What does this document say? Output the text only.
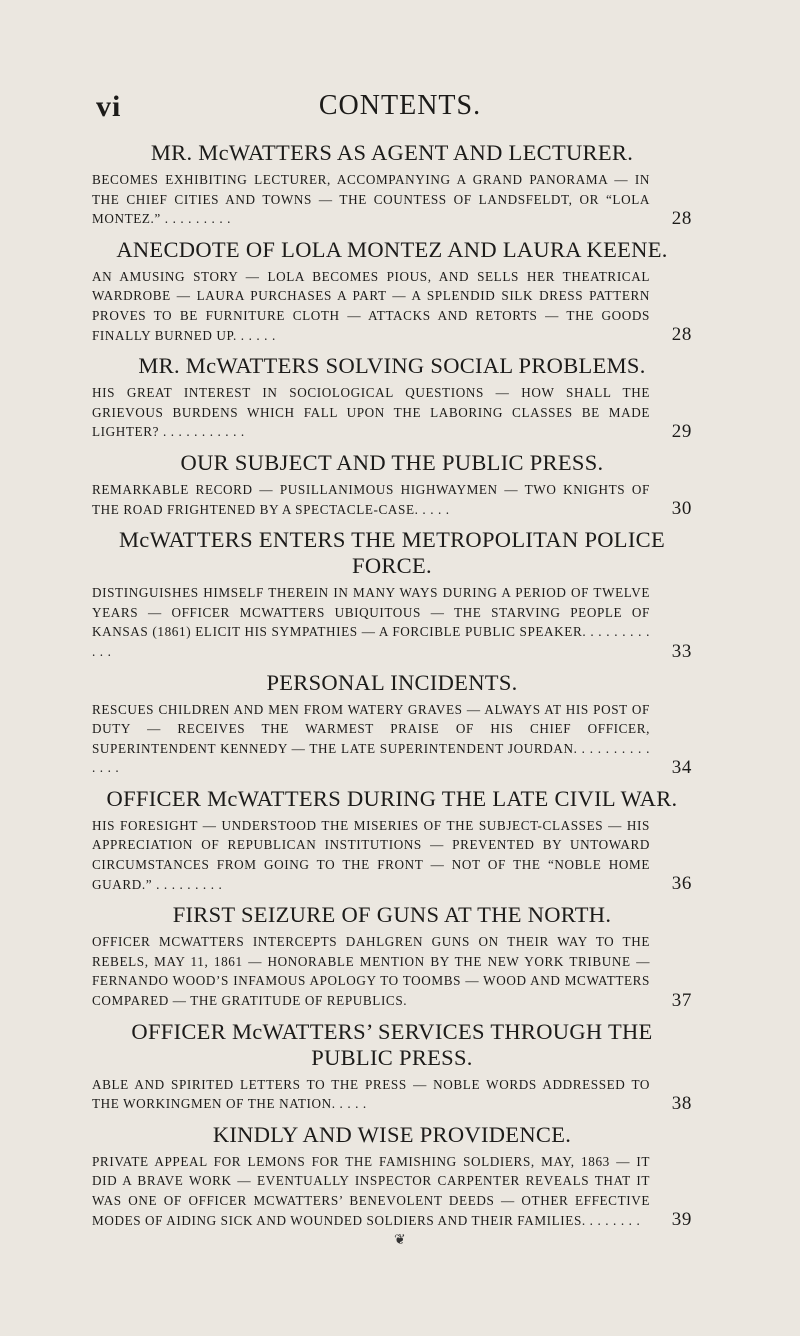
vi	CONTENTS.
MR. McWATTERS AS AGENT AND LECTURER.

BECOMES EXHIBITING LECTURER, ACCOMPANYING A GRAND PANORAMA — IN THE CHIEF CITIES AND TOWNS — THE COUNTESS OF LANDSFELDT, OR “LOLA MONTEZ.” . . . . . . . . .	28

ANECDOTE OF LOLA MONTEZ AND LAURA KEENE.

AN AMUSING STORY — LOLA BECOMES PIOUS, AND SELLS HER THEATRICAL WARDROBE — LAURA PURCHASES A PART — A SPLENDID SILK DRESS PATTERN PROVES TO BE FURNITURE CLOTH — ATTACKS AND RETORTS — THE GOODS FINALLY BURNED UP. . . . . .	28

MR. McWATTERS SOLVING SOCIAL PROBLEMS.

HIS GREAT INTEREST IN SOCIOLOGICAL QUESTIONS — HOW SHALL THE GRIEVOUS BURDENS WHICH FALL UPON THE LABORING CLASSES BE MADE LIGHTER? . . . . . . . . . . .	29

OUR SUBJECT AND THE PUBLIC PRESS.

REMARKABLE RECORD — PUSILLANIMOUS HIGHWAYMEN — TWO KNIGHTS OF THE ROAD FRIGHTENED BY A SPECTACLE-CASE. . . . .	30

McWATTERS ENTERS THE METROPOLITAN POLICE FORCE.

DISTINGUISHES HIMSELF THEREIN IN MANY WAYS DURING A PERIOD OF TWELVE YEARS — OFFICER MCWATTERS UBIQUITOUS — THE STARVING PEOPLE OF KANSAS (1861) ELICIT HIS SYMPATHIES — A FORCIBLE PUBLIC SPEAKER. . . . . . . . . . . .	33

PERSONAL INCIDENTS.

RESCUES CHILDREN AND MEN FROM WATERY GRAVES — ALWAYS AT HIS POST OF DUTY — RECEIVES THE WARMEST PRAISE OF HIS CHIEF OFFICER, SUPERINTENDENT KENNEDY — THE LATE SUPERINTENDENT JOURDAN. . . . . . . . . . . . . .	34

OFFICER McWATTERS DURING THE LATE CIVIL WAR.

HIS FORESIGHT — UNDERSTOOD THE MISERIES OF THE SUBJECT-CLASSES — HIS APPRECIATION OF REPUBLICAN INSTITUTIONS — PREVENTED BY UNTOWARD CIRCUMSTANCES FROM GOING TO THE FRONT — NOT OF THE “NOBLE HOME GUARD.” . . . . . . . . .	36

FIRST SEIZURE OF GUNS AT THE NORTH.

OFFICER MCWATTERS INTERCEPTS DAHLGREN GUNS ON THEIR WAY TO THE REBELS, MAY 11, 1861 — HONORABLE MENTION BY THE NEW YORK TRIBUNE — FERNANDO WOOD’S INFAMOUS APOLOGY TO TOOMBS — WOOD AND MCWATTERS COMPARED — THE GRATITUDE OF REPUBLICS.	37

OFFICER McWATTERS’ SERVICES THROUGH THE PUBLIC PRESS.

ABLE AND SPIRITED LETTERS TO THE PRESS — NOBLE WORDS ADDRESSED TO THE WORKINGMEN OF THE NATION. . . . .	38

KINDLY AND WISE PROVIDENCE.

PRIVATE APPEAL FOR LEMONS FOR THE FAMISHING SOLDIERS, MAY, 1863 — IT DID A BRAVE WORK — EVENTUALLY INSPECTOR CARPENTER REVEALS THAT IT WAS ONE OF OFFICER MCWATTERS’ BENEVOLENT DEEDS — OTHER EFFECTIVE MODES OF AIDING SICK AND WOUNDED SOLDIERS AND THEIR FAMILIES. . . . . . . . 39

❦
